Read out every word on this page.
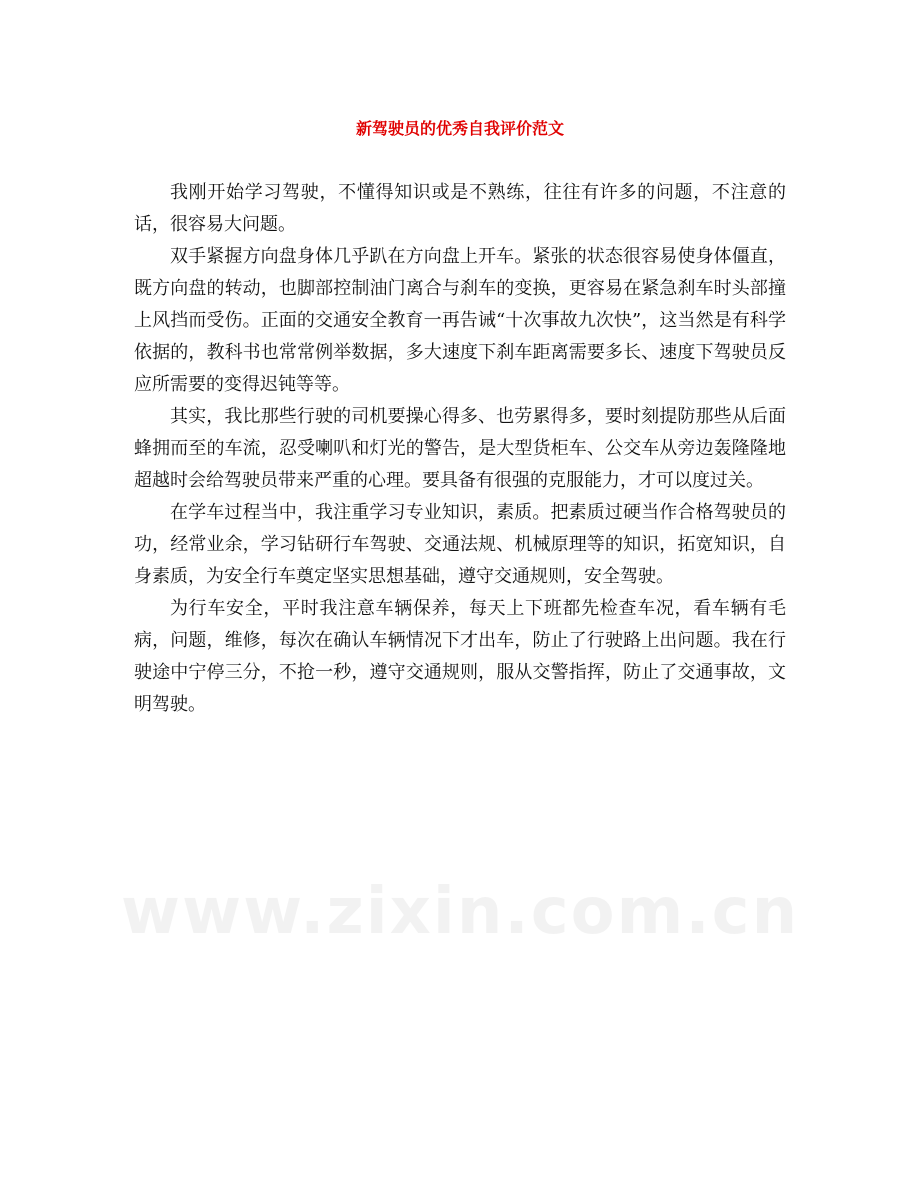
新驾驶员的优秀自我评价范文

我刚开始学习驾驶，不懂得知识或是不熟练，往往有许多的问题，不注意的话，很容易大问题。

双手紧握方向盘身体几乎趴在方向盘上开车。紧张的状态很容易使身体僵直，既方向盘的转动，也脚部控制油门离合与刹车的变换，更容易在紧急刹车时头部撞上风挡而受伤。正面的交通安全教育一再告诫“十次事故九次快”，这当然是有科学依据的，教科书也常常例举数据，多大速度下刹车距离需要多长、速度下驾驶员反应所需要的变得迟钝等等。

其实，我比那些行驶的司机要操心得多、也劳累得多，要时刻提防那些从后面蜂拥而至的车流，忍受喇叭和灯光的警告，是大型货柜车、公交车从旁边轰隆隆地超越时会给驾驶员带来严重的心理。要具备有很强的克服能力，才可以度过关。

在学车过程当中，我注重学习专业知识，素质。把素质过硬当作合格驾驶员的功，经常业余，学习钻研行车驾驶、交通法规、机械原理等的知识，拓宽知识，自身素质，为安全行车奠定坚实思想基础，遵守交通规则，安全驾驶。

为行车安全，平时我注意车辆保养，每天上下班都先检查车况，看车辆有毛病，问题，维修，每次在确认车辆情况下才出车，防止了行驶路上出问题。我在行驶途中宁停三分，不抢一秒，遵守交通规则，服从交警指挥，防止了交通事故，文明驾驶。

www.zixin.com.cn
